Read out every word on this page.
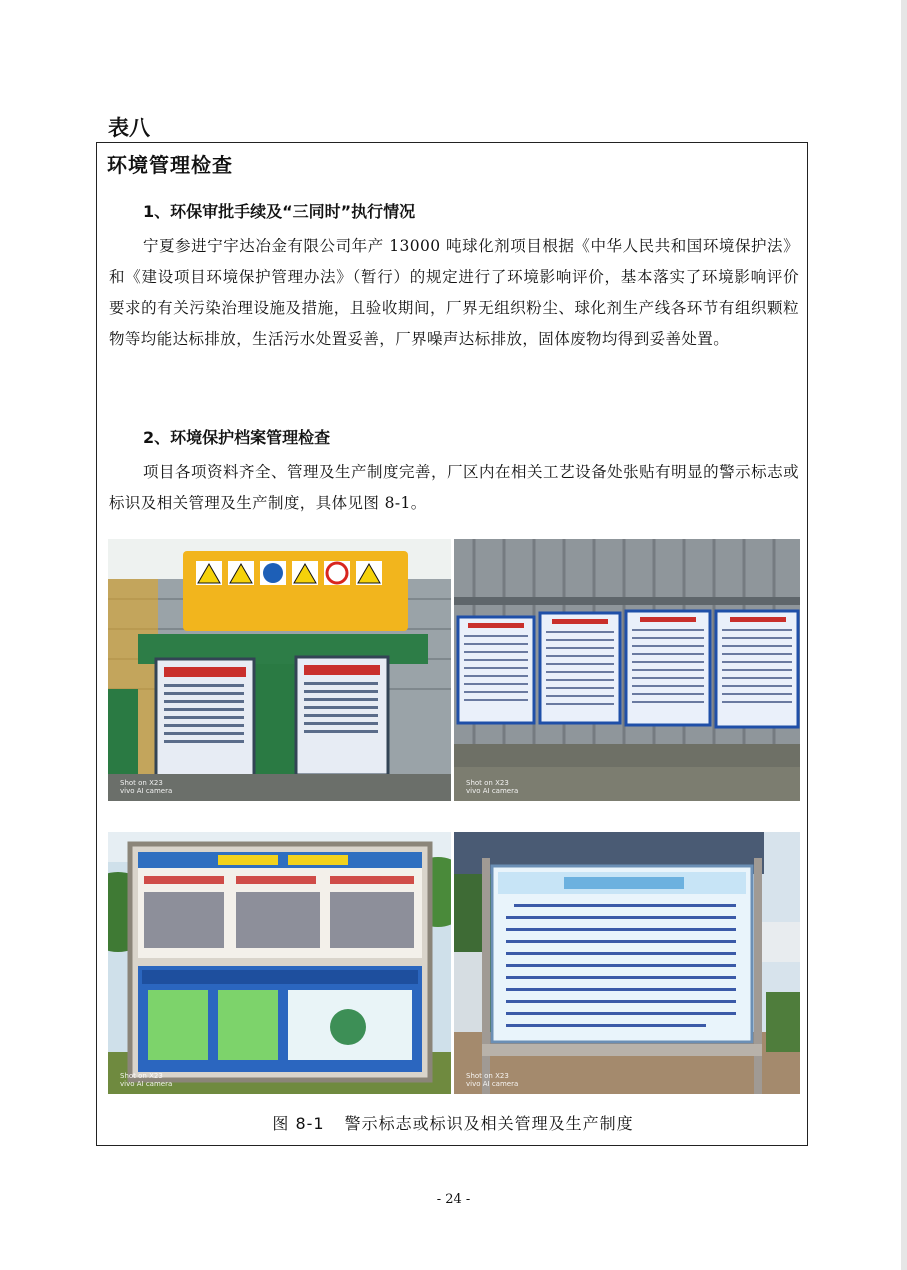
表八
环境管理检查
1、环保审批手续及“三同时”执行情况
宁夏参进宁宇达冶金有限公司年产 13000 吨球化剂项目根据《中华人民共和国环境保护法》和《建设项目环境保护管理办法》（暂行）的规定进行了环境影响评价，基本落实了环境影响评价要求的有关污染治理设施及措施，且验收期间，厂界无组织粉尘、球化剂生产线各环节有组织颗粒物等均能达标排放，生活污水处置妥善，厂界噪声达标排放，固体废物均得到妥善处置。
2、环境保护档案管理检查
项目各项资料齐全、管理及生产制度完善，厂区内在相关工艺设备处张贴有明显的警示标志或标识及相关管理及生产制度，具体见图 8-1。
Shot on X23
vivo AI camera
Shot on X23
vivo AI camera
Shot on X23
vivo AI camera
Shot on X23
vivo AI camera
图 8-1 警示标志或标识及相关管理及生产制度
- 24 -
